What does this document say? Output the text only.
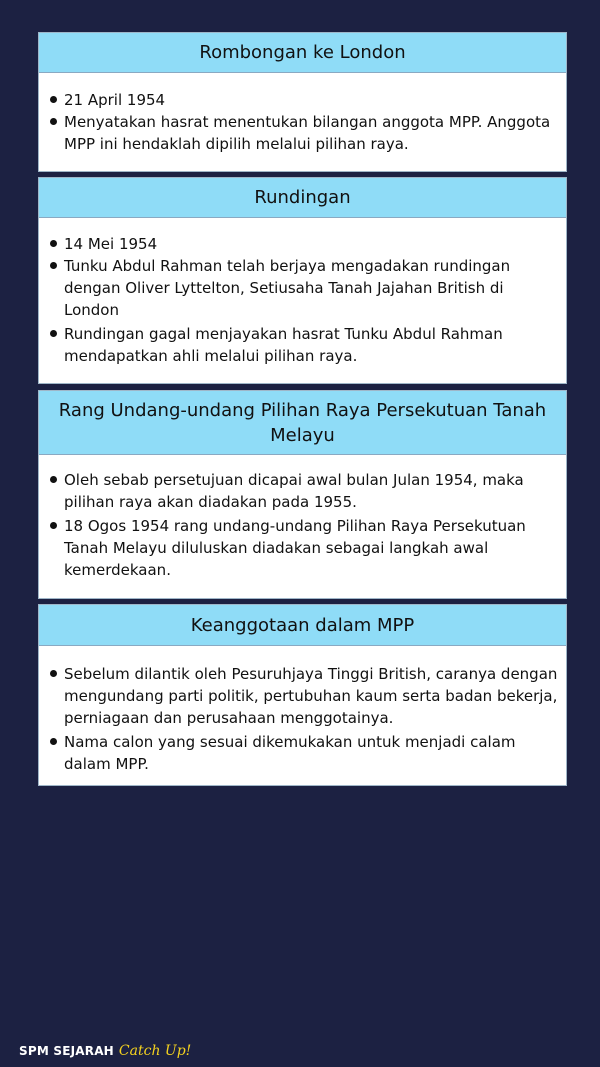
Rombongan ke London
21 April 1954
Menyatakan hasrat menentukan bilangan anggota MPP. Anggota MPP ini hendaklah dipilih melalui pilihan raya.
Rundingan
14 Mei 1954
Tunku Abdul Rahman telah berjaya mengadakan rundingan dengan Oliver Lyttelton, Setiusaha Tanah Jajahan British di London
Rundingan gagal menjayakan hasrat Tunku Abdul Rahman mendapatkan ahli melalui pilihan raya.
Rang Undang-undang Pilihan Raya Persekutuan Tanah Melayu
Oleh sebab persetujuan dicapai awal bulan Julan 1954, maka pilihan raya akan diadakan pada 1955.
18 Ogos 1954 rang undang-undang Pilihan Raya Persekutuan Tanah Melayu diluluskan diadakan sebagai langkah awal kemerdekaan.
Keanggotaan dalam MPP
Sebelum dilantik oleh Pesuruhjaya Tinggi British, caranya dengan mengundang parti politik, pertubuhan kaum serta badan bekerja, perniagaan dan perusahaan menggotainya.
Nama calon yang sesuai dikemukakan untuk menjadi calam dalam MPP.
SPM SEJARAH Catch Up!
